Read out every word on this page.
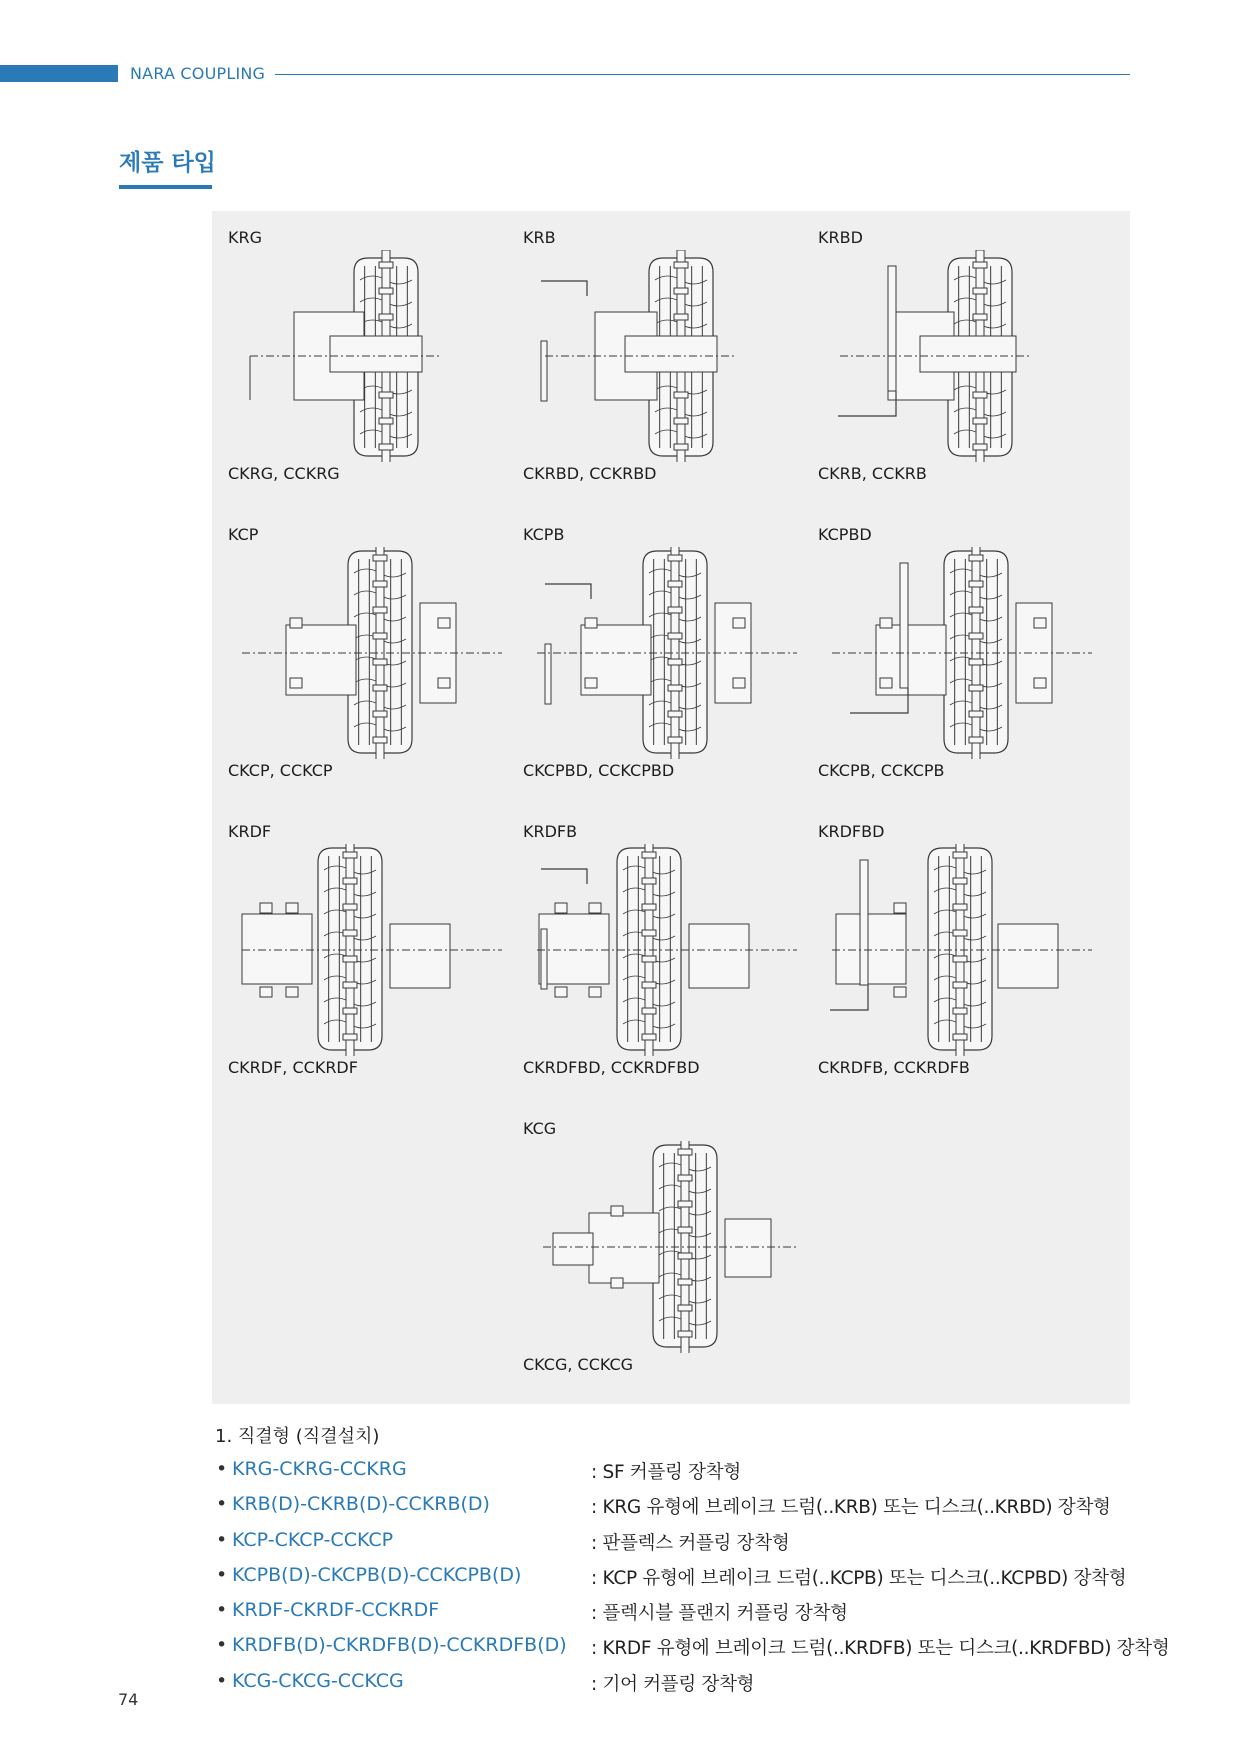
NARA COUPLING
제품 타입
KRG
CKRG, CCKRG
KRB
CKRBD, CCKRBD
KRBD
CKRB, CCKRB
KCP
CKCP, CCKCP
KCPB
CKCPBD, CCKCPBD
KCPBD
CKCPB, CCKCPB
KRDF
CKRDF, CCKRDF
KRDFB
CKRDFBD, CCKRDFBD
KRDFBD
CKRDFB, CCKRDFB
KCG
CKCG, CCKCG
1. 직결형 (직결설치)
• KRG-CKRG-CCKRG	: SF 커플링 장착형
• KRB(D)-CKRB(D)-CCKRB(D)	: KRG 유형에 브레이크 드럼(..KRB) 또는 디스크(..KRBD) 장착형
• KCP-CKCP-CCKCP	: 판플렉스 커플링 장착형
• KCPB(D)-CKCPB(D)-CCKCPB(D)	: KCP 유형에 브레이크 드럼(..KCPB) 또는 디스크(..KCPBD) 장착형
• KRDF-CKRDF-CCKRDF	: 플렉시블 플랜지 커플링 장착형
• KRDFB(D)-CKRDFB(D)-CCKRDFB(D) : KRDF 유형에 브레이크 드럼(..KRDFB) 또는 디스크(..KRDFBD) 장착형
• KCG-CKCG-CCKCG	: 기어 커플링 장착형
74
